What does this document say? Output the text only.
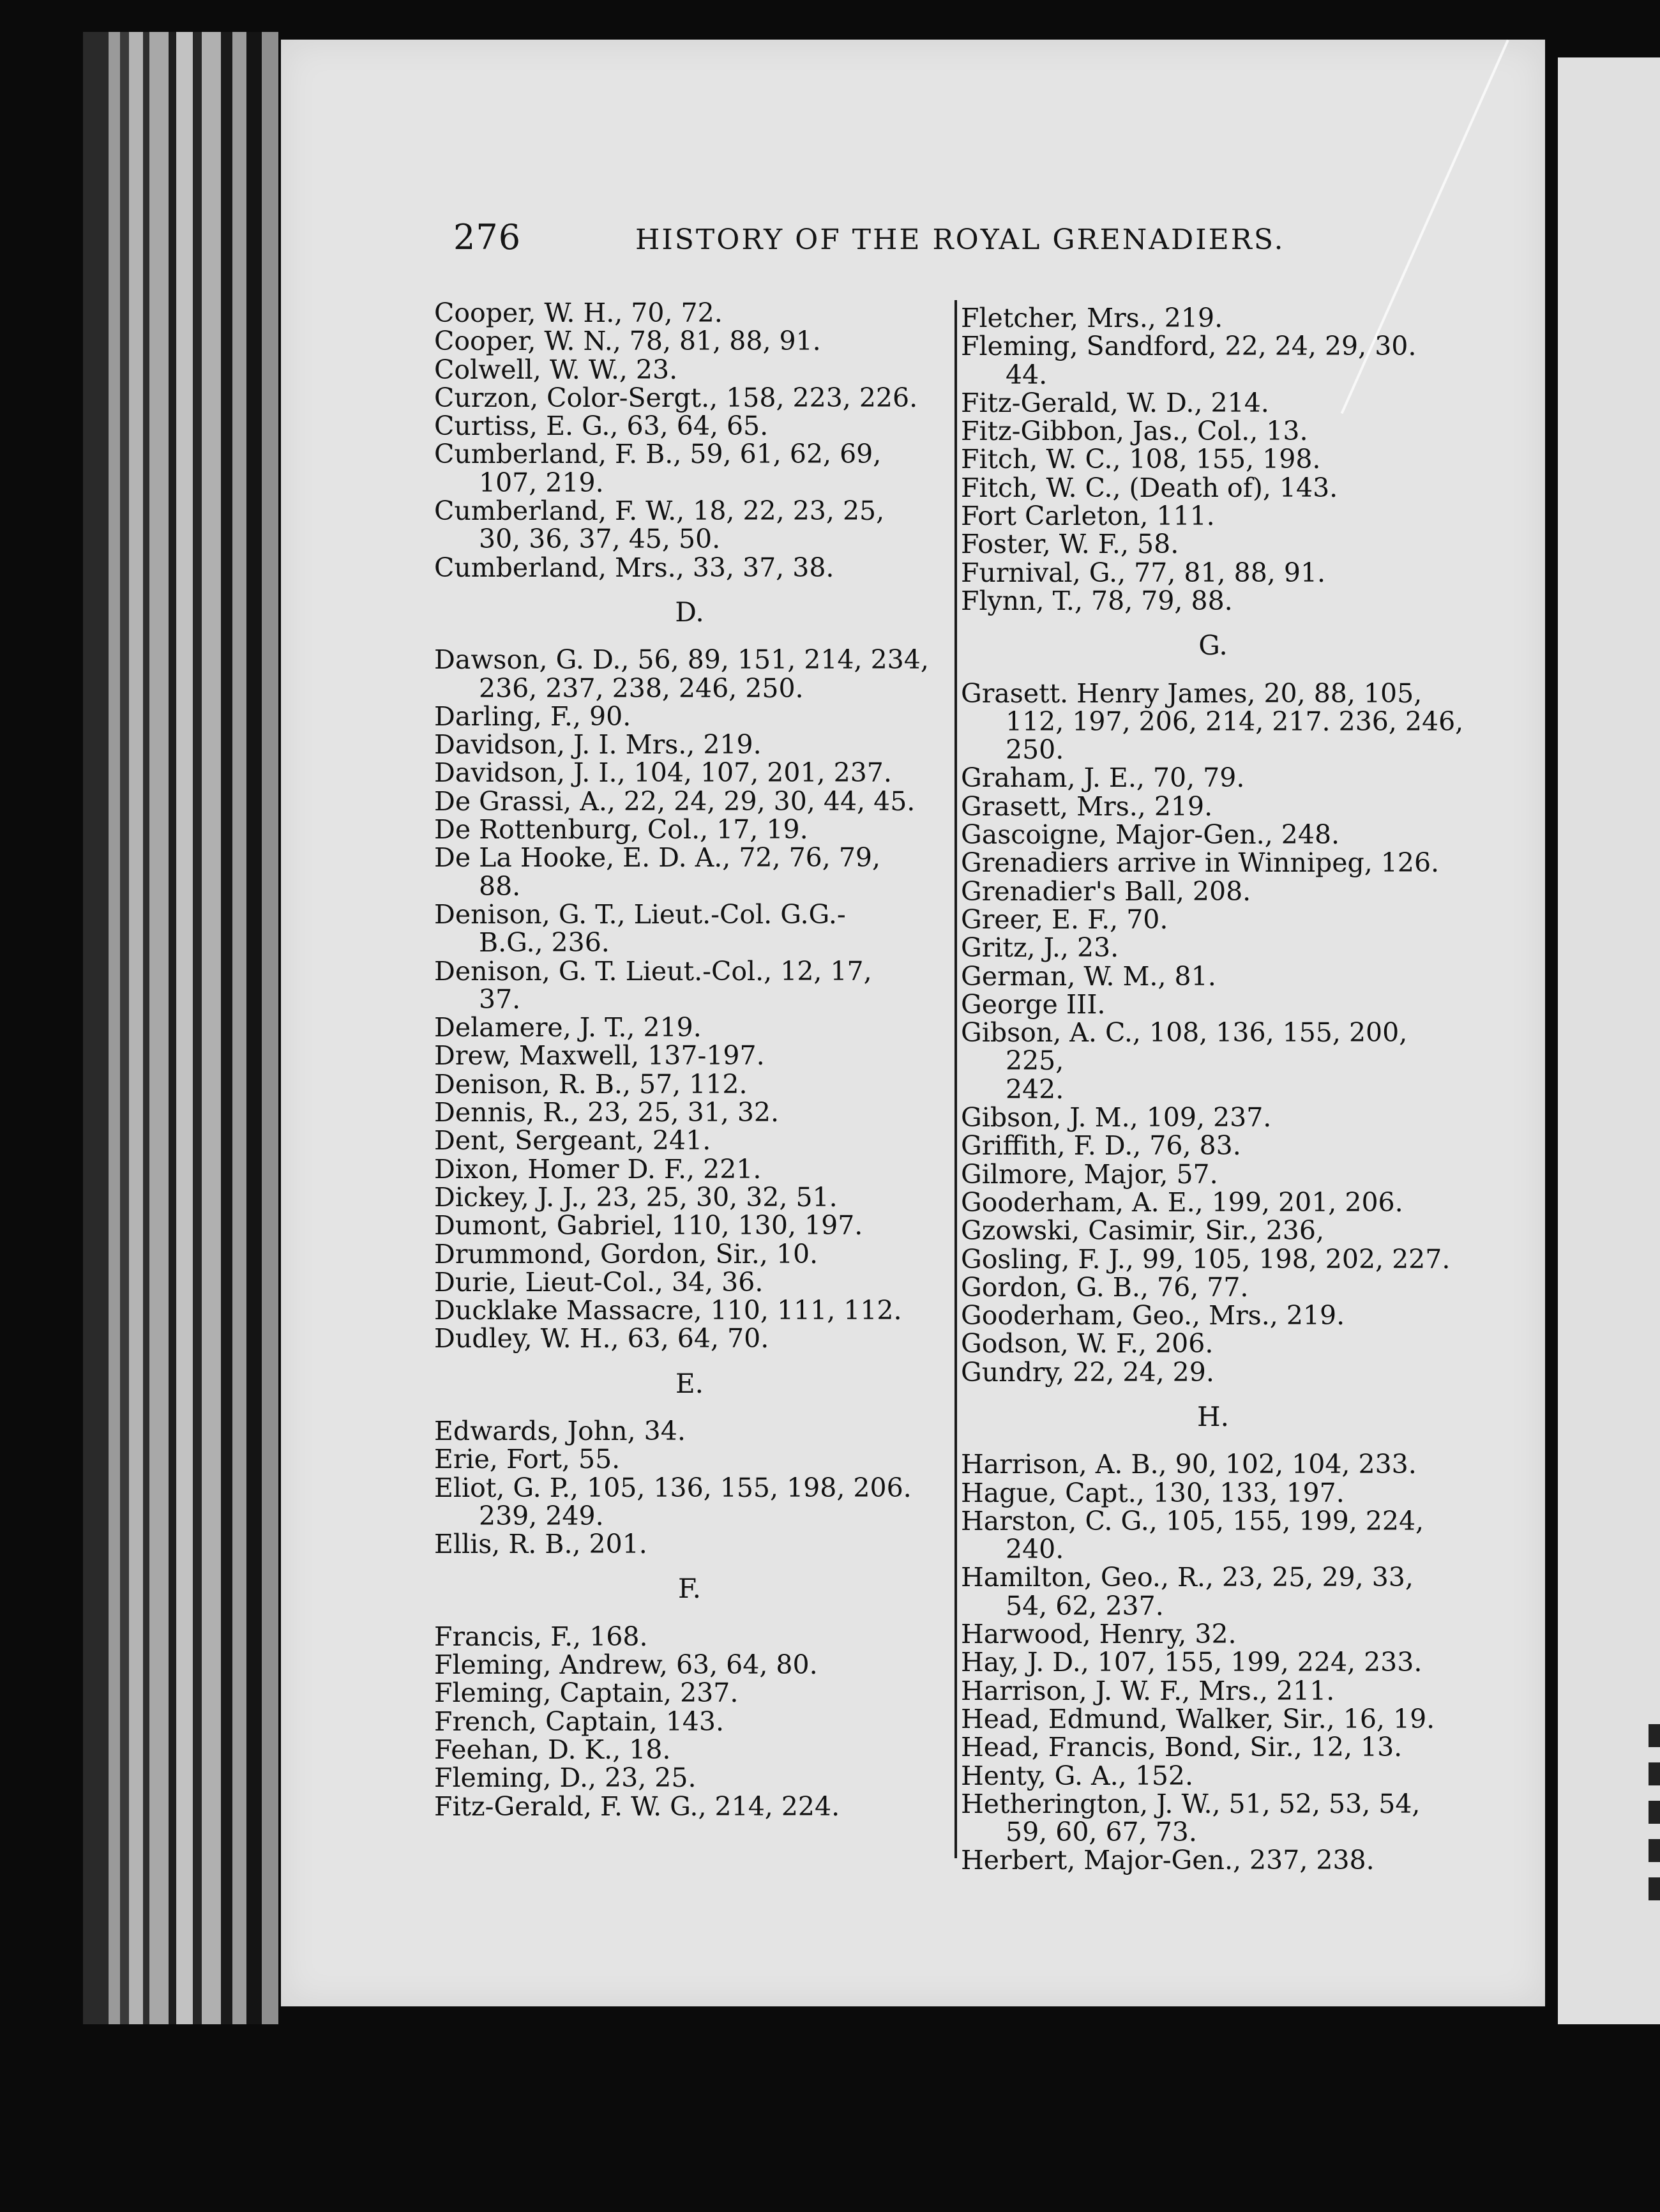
276	HISTORY OF THE ROYAL GRENADIERS.
Cooper, W. H., 70, 72.
Cooper, W. N., 78, 81, 88, 91.
Colwell, W. W., 23.
Curzon, Color-Sergt., 158, 223, 226.
Curtiss, E. G., 63, 64, 65.
Cumberland, F. B., 59, 61, 62, 69,
107, 219.
Cumberland, F. W., 18, 22, 23, 25,
30, 36, 37, 45, 50.
Cumberland, Mrs., 33, 37, 38.
D.
Dawson, G. D., 56, 89, 151, 214, 234,
236, 237, 238, 246, 250.
Darling, F., 90.
Davidson, J. I. Mrs., 219.
Davidson, J. I., 104, 107, 201, 237.
De Grassi, A., 22, 24, 29, 30, 44, 45.
De Rottenburg, Col., 17, 19.
De La Hooke, E. D. A., 72, 76, 79,
88.
Denison, G. T., Lieut.-Col. G.G.-
B.G., 236.
Denison, G. T. Lieut.-Col., 12, 17,
37.
Delamere, J. T., 219.
Drew, Maxwell, 137-197.
Denison, R. B., 57, 112.
Dennis, R., 23, 25, 31, 32.
Dent, Sergeant, 241.
Dixon, Homer D. F., 221.
Dickey, J. J., 23, 25, 30, 32, 51.
Dumont, Gabriel, 110, 130, 197.
Drummond, Gordon, Sir., 10.
Durie, Lieut-Col., 34, 36.
Ducklake Massacre, 110, 111, 112.
Dudley, W. H., 63, 64, 70.
E.
Edwards, John, 34.
Erie, Fort, 55.
Eliot, G. P., 105, 136, 155, 198, 206.
239, 249.
Ellis, R. B., 201.
F.
Francis, F., 168.
Fleming, Andrew, 63, 64, 80.
Fleming, Captain, 237.
French, Captain, 143.
Feehan, D. K., 18.
Fleming, D., 23, 25.
Fitz-Gerald, F. W. G., 214, 224.
Fletcher, Mrs., 219.
Fleming, Sandford, 22, 24, 29, 30. 44.
Fitz-Gerald, W. D., 214.
Fitz-Gibbon, Jas., Col., 13.
Fitch, W. C., 108, 155, 198.
Fitch, W. C., (Death of), 143.
Fort Carleton, 111.
Foster, W. F., 58.
Furnival, G., 77, 81, 88, 91.
Flynn, T., 78, 79, 88.
G.
Grasett. Henry James, 20, 88, 105,
112, 197, 206, 214, 217. 236, 246,
250.
Graham, J. E., 70, 79.
Grasett, Mrs., 219.
Gascoigne, Major-Gen., 248.
Grenadiers arrive in Winnipeg, 126.
Grenadier's Ball, 208.
Greer, E. F., 70.
Gritz, J., 23.
German, W. M., 81.
George III.
Gibson, A. C., 108, 136, 155, 200, 225,
242.
Gibson, J. M., 109, 237.
Griffith, F. D., 76, 83.
Gilmore, Major, 57.
Gooderham, A. E., 199, 201, 206.
Gzowski, Casimir, Sir., 236,
Gosling, F. J., 99, 105, 198, 202, 227.
Gordon, G. B., 76, 77.
Gooderham, Geo., Mrs., 219.
Godson, W. F., 206.
Gundry, 22, 24, 29.
H.
Harrison, A. B., 90, 102, 104, 233.
Hague, Capt., 130, 133, 197.
Harston, C. G., 105, 155, 199, 224,
240.
Hamilton, Geo., R., 23, 25, 29, 33,
54, 62, 237.
Harwood, Henry, 32.
Hay, J. D., 107, 155, 199, 224, 233.
Harrison, J. W. F., Mrs., 211.
Head, Edmund, Walker, Sir., 16, 19.
Head, Francis, Bond, Sir., 12, 13.
Henty, G. A., 152.
Hetherington, J. W., 51, 52, 53, 54,
59, 60, 67, 73.
Herbert, Major-Gen., 237, 238.
